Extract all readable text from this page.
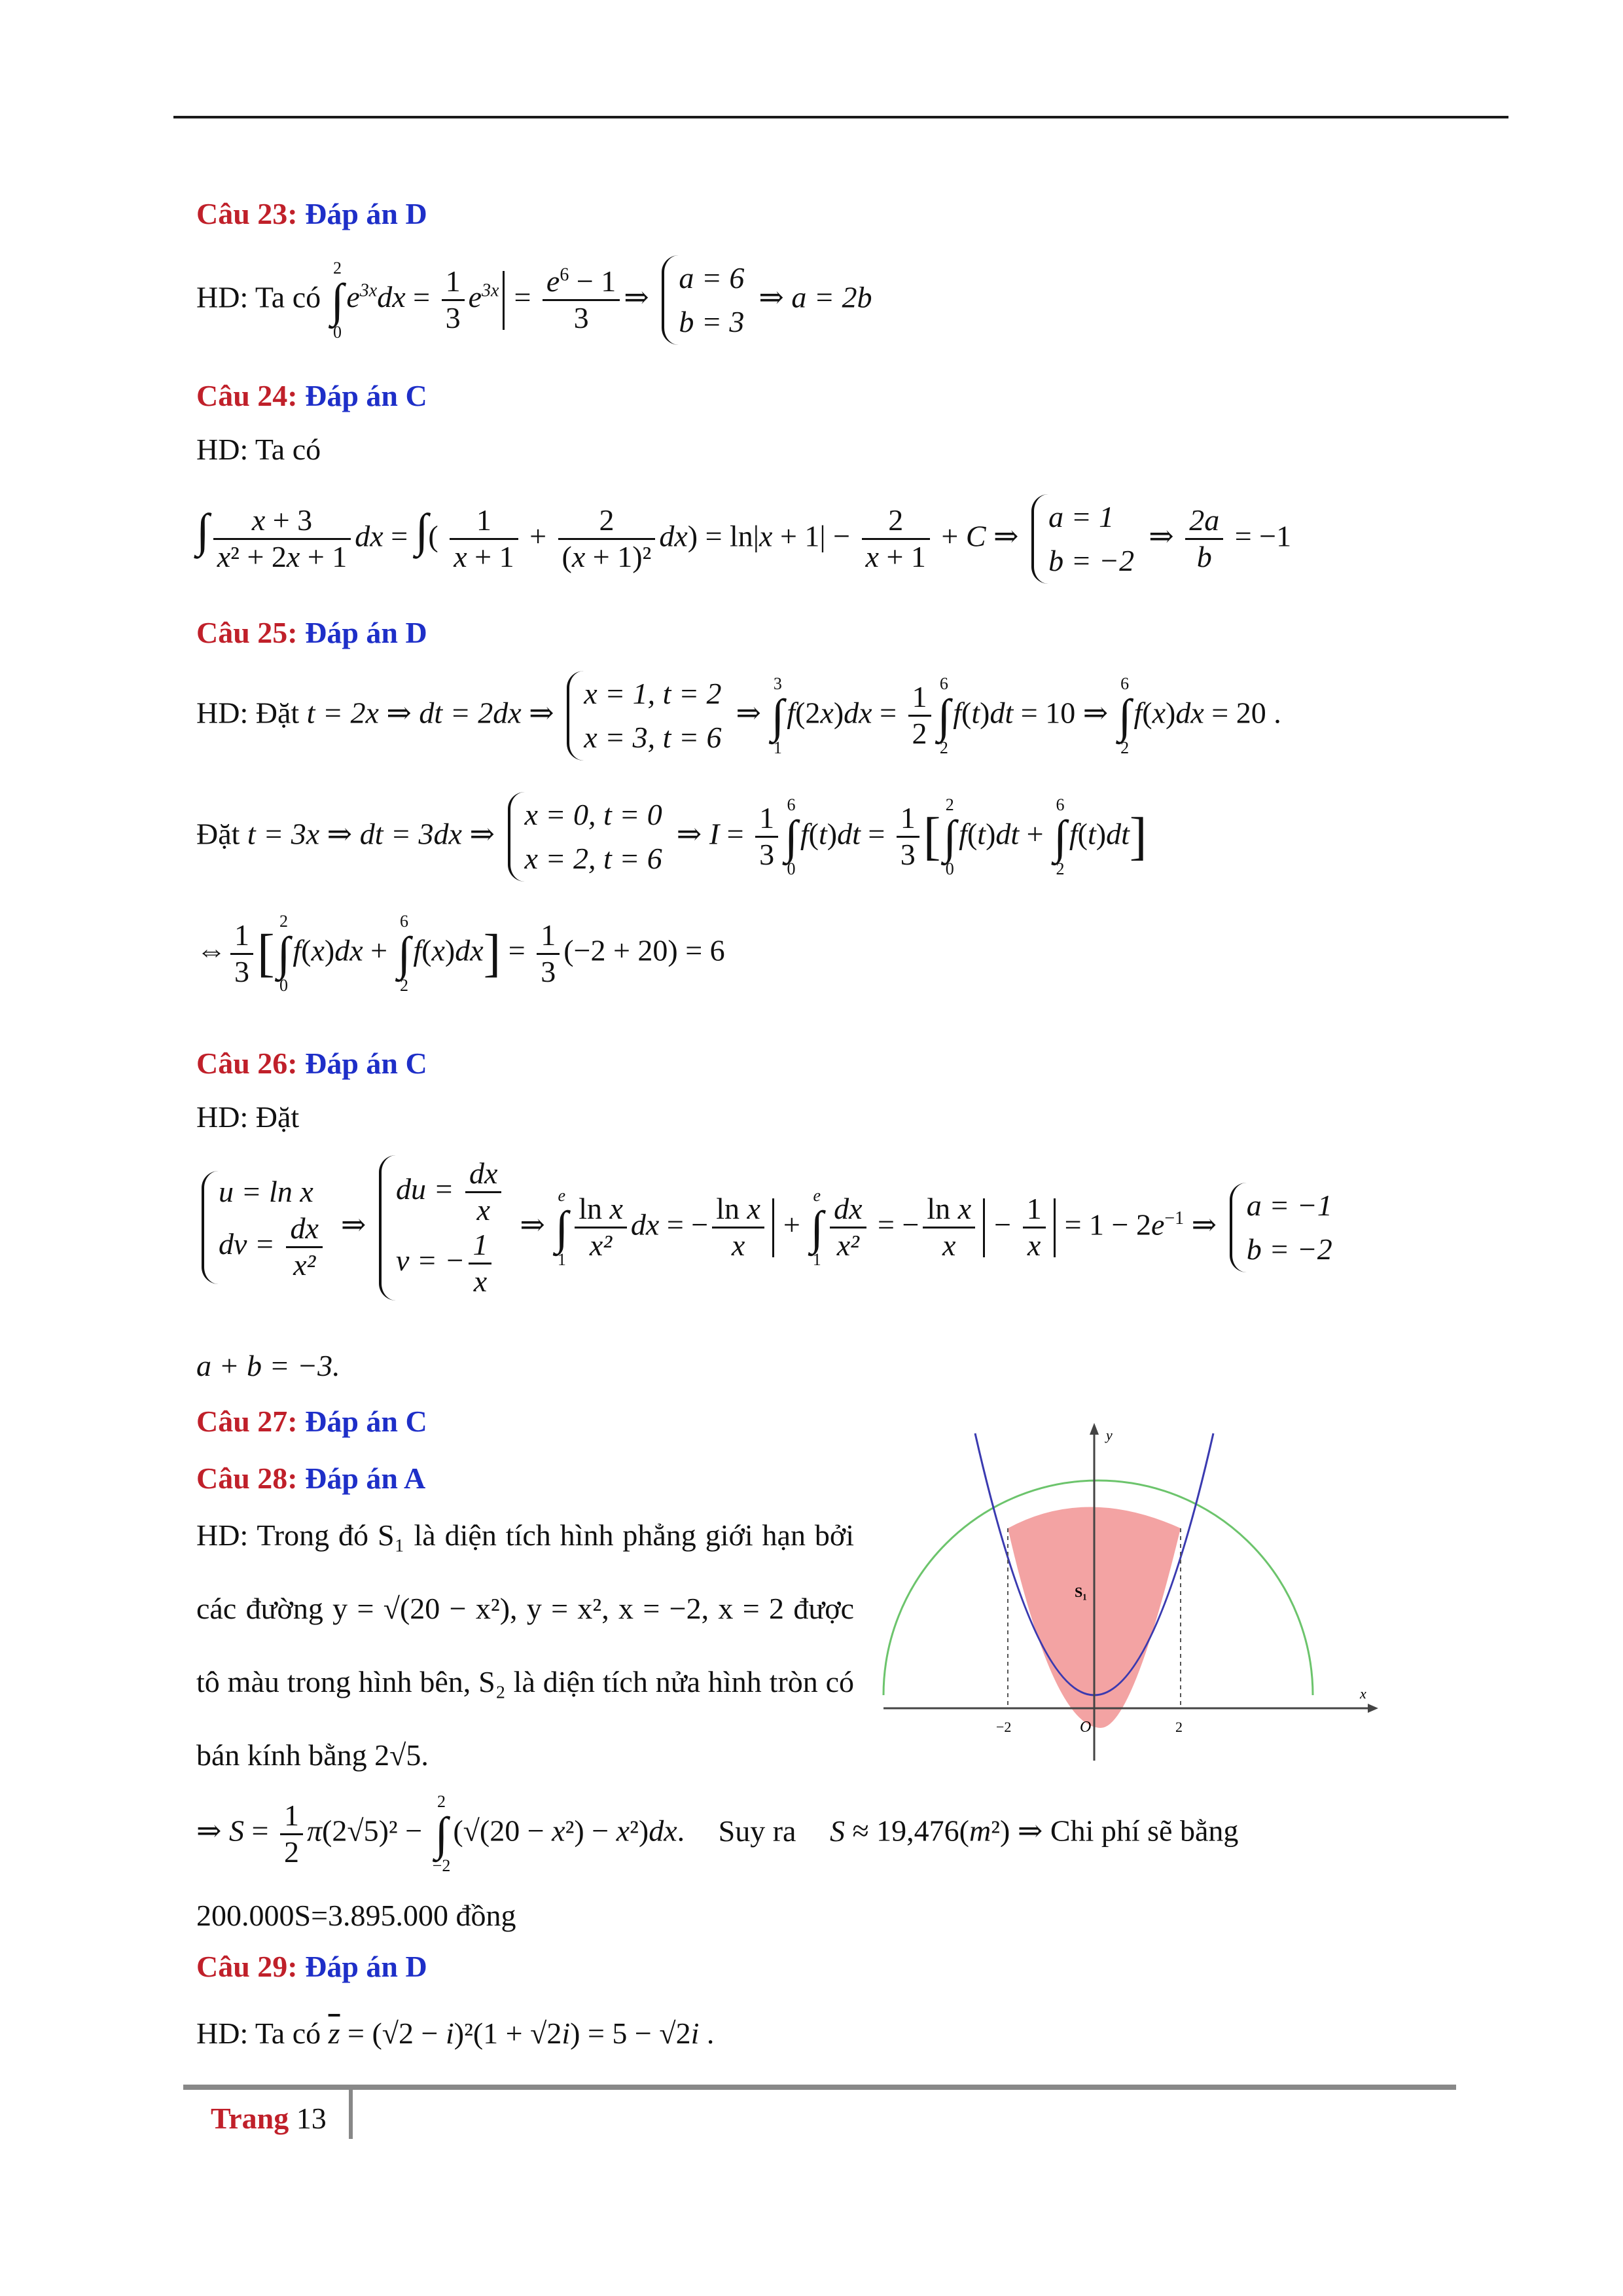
Câu 23: Đáp án D
HD: Ta có
2
∫
0
$e^{3x}dx = \frac{1}{3} e^{3x} = \frac{e^6 - 1}{3}$ ⇒
a = 6
b = 3
⇒ a = 2b
Câu 24: Đáp án C
HD: Ta có
∫ $\frac{x + 3}{\text{x² + 2x + 1}}$ dx = ∫( $\frac{1}{x + 1} + \frac{2}{\text{(x + 1)²}} dx) = \ln|x + 1| - \frac{2}{x + 1} + C$ ⇒
a = 1
b = −2
⇒ $\frac{2a}{b} = -1$
Câu 25: Đáp án D
HD: Đặt t = 2x ⇒ dt = 2dx ⇒
x = 1, t = 2
x = 3, t = 6
⇒
3
∫
1
$f(2x)dx = \frac{1}{2} 6$
∫
2
f(t)dt = 10 ⇒
6
∫
2
f(x)dx = 20 .
Đặt t = 3x ⇒ dt = 3dx ⇒
x = 0, t = 0
x = 2, t = 6
⇒ $I = \frac{1}{3} 6$
∫
0
$f(t)dt = \frac{1}{3}$ [
2
∫
0
f(t)dt +
6
∫
2
f(t)dt]
⇔ $\frac{1}{3}$ [
2
∫
0
f(x)dx +
6
∫
2
$f(x)dx] = \frac{1}{3} (-2 + 20) = 6$
Câu 26: Đáp án C
HD: Đặt
u = ln x
dv = $\frac{dx}{\text{x²}}$ ⇒
du = $\frac{dx}{x}$
v = − $\frac{1}{x}$
⇒
e
∫
$1 \frac{\text{ln x}}{\text{x²}}$ dx = − $\frac{\text{ln x}}{x}$ +
e
∫
$1 \frac{dx}{\text{x²}}$ = − $\frac{\text{ln x}}{x} - \frac{1}{x} = 1 - 2e^{-1}$ ⇒
a = −1
b = −2
a + b = −3.
Câu 27: Đáp án C
Câu 28: Đáp án A
HD: Trong đó S₁ là diện tích hình phẳng giới hạn bởi các đường y = √(20 − x²), y = x², x = −2, x = 2 được tô màu trong hình bên, S₂ là diện tích nửa hình tròn có bán kính bằng 2√5.
y
x
O
−2	2
S₁
⇒ $S = \frac{1}{2} \pi(2√5)^2$ −
2
∫
−2
(√(20 − x²) − x²)dx. Suy ra S ≈ 19,476(m²) ⇒ Chi phí sẽ bằng
200.000S=3.895.000 đồng
Câu 29: Đáp án D
HD: Ta có $\overline{z} = (√2 - i)^2(1 + √2i) = 5 - √2i$ .
Trang 13
